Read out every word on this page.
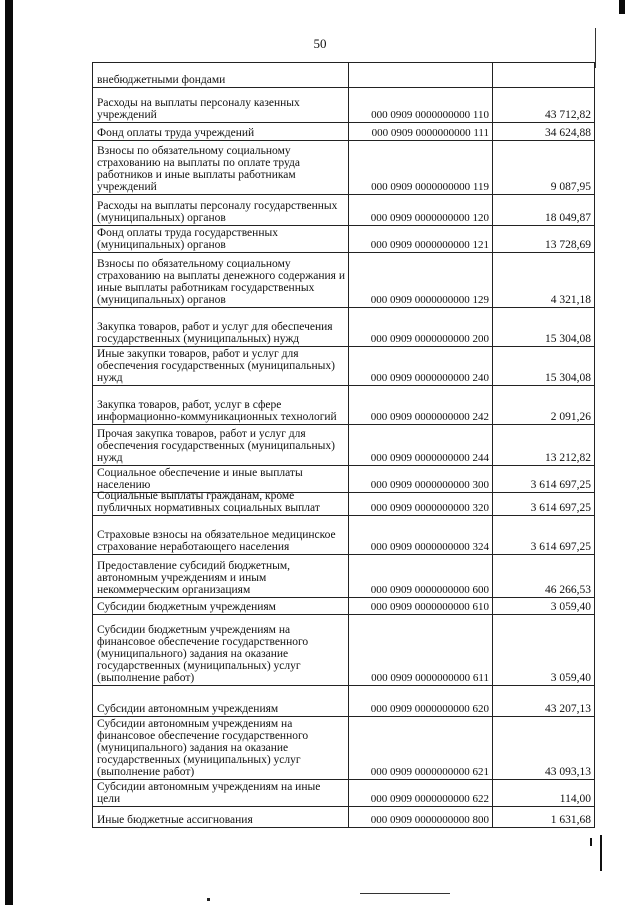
50
внебюджетными фондами
Расходы на выплаты персоналу казенных учреждений	000 0909 0000000000 110	43 712,82
Фонд оплаты труда учреждений	000 0909 0000000000 111	34 624,88
Взносы по обязательному социальному страхованию на выплаты по оплате труда работников и иные выплаты работникам учреждений	000 0909 0000000000 119	9 087,95
Расходы на выплаты персоналу государственных (муниципальных) органов	000 0909 0000000000 120	18 049,87
Фонд оплаты труда государственных (муниципальных) органов	000 0909 0000000000 121	13 728,69
Взносы по обязательному социальному страхованию на выплаты денежного содержания и иные выплаты работникам государственных (муниципальных) органов	000 0909 0000000000 129	4 321,18
Закупка товаров, работ и услуг для обеспечения государственных (муниципальных) нужд	000 0909 0000000000 200	15 304,08
Иные закупки товаров, работ и услуг для обеспечения государственных (муниципальных) нужд	000 0909 0000000000 240	15 304,08
Закупка товаров, работ, услуг в сфере информационно-коммуникационных технологий	000 0909 0000000000 242	2 091,26
Прочая закупка товаров, работ и услуг для обеспечения государственных (муниципальных) нужд	000 0909 0000000000 244	13 212,82
Социальное обеспечение и иные выплаты населению	000 0909 0000000000 300	3 614 697,25
Социальные выплаты гражданам, кроме публичных нормативных социальных выплат	000 0909 0000000000 320	3 614 697,25
Страховые взносы на обязательное медицинское страхование неработающего населения	000 0909 0000000000 324	3 614 697,25
Предоставление субсидий бюджетным, автономным учреждениям и иным некоммерческим организациям	000 0909 0000000000 600	46 266,53
Субсидии бюджетным учреждениям	000 0909 0000000000 610	3 059,40
Субсидии бюджетным учреждениям на финансовое обеспечение государственного (муниципального) задания на оказание государственных (муниципальных) услуг (выполнение работ)	000 0909 0000000000 611	3 059,40
Субсидии автономным учреждениям	000 0909 0000000000 620	43 207,13
Субсидии автономным учреждениям на финансовое обеспечение государственного (муниципального) задания на оказание государственных (муниципальных) услуг (выполнение работ)	000 0909 0000000000 621	43 093,13
Субсидии автономным учреждениям на иные цели	000 0909 0000000000 622	114,00
Иные бюджетные ассигнования	000 0909 0000000000 800	1 631,68
